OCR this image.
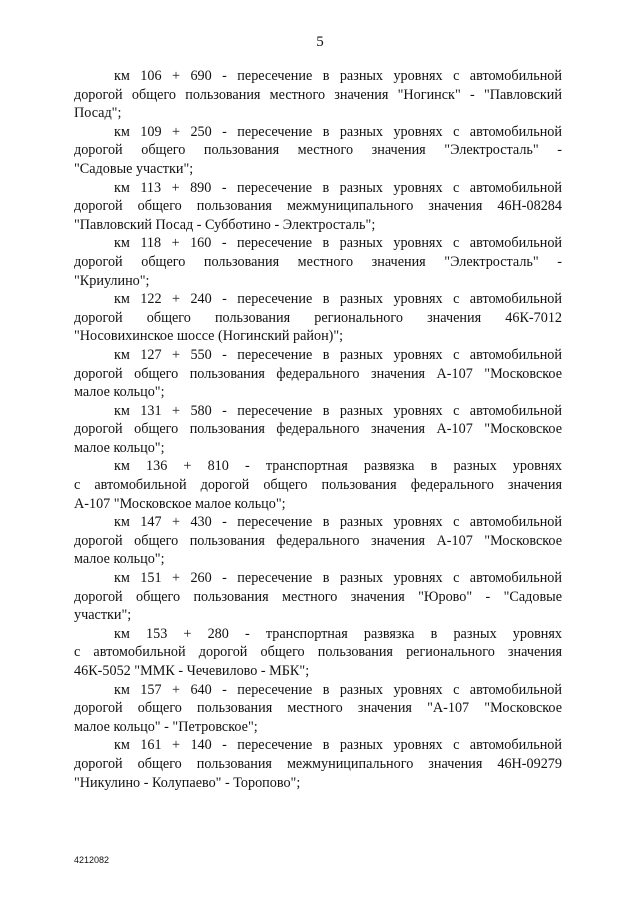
5
км 106 + 690 - пересечение в разных уровнях с автомобильной
дорогой общего пользования местного значения "Ногинск" - "Павловский
Посад";
км 109 + 250 - пересечение в разных уровнях с автомобильной
дорогой общего пользования местного значения "Электросталь" -
"Садовые участки";
км 113 + 890 - пересечение в разных уровнях с автомобильной
дорогой общего пользования межмуниципального значения 46Н-08284
"Павловский Посад - Субботино - Электросталь";
км 118 + 160 - пересечение в разных уровнях с автомобильной
дорогой общего пользования местного значения "Электросталь" -
"Криулино";
км 122 + 240 - пересечение в разных уровнях с автомобильной
дорогой общего пользования регионального значения 46К-7012
"Носовихинское шоссе (Ногинский район)";
км 127 + 550 - пересечение в разных уровнях с автомобильной
дорогой общего пользования федерального значения А-107 "Московское
малое кольцо";
км 131 + 580 - пересечение в разных уровнях с автомобильной
дорогой общего пользования федерального значения А-107 "Московское
малое кольцо";
км 136 + 810 - транспортная развязка в разных уровнях
с автомобильной дорогой общего пользования федерального значения
А-107 "Московское малое кольцо";
км 147 + 430 - пересечение в разных уровнях с автомобильной
дорогой общего пользования федерального значения А-107 "Московское
малое кольцо";
км 151 + 260 - пересечение в разных уровнях с автомобильной
дорогой общего пользования местного значения "Юрово" - "Садовые
участки";
км 153 + 280 - транспортная развязка в разных уровнях
с автомобильной дорогой общего пользования регионального значения
46К-5052 "ММК - Чечевилово - МБК";
км 157 + 640 - пересечение в разных уровнях с автомобильной
дорогой общего пользования местного значения "А-107 "Московское
малое кольцо" - "Петровское";
км 161 + 140 - пересечение в разных уровнях с автомобильной
дорогой общего пользования межмуниципального значения 46Н-09279
"Никулино - Колупаево" - Торопово";
4212082
